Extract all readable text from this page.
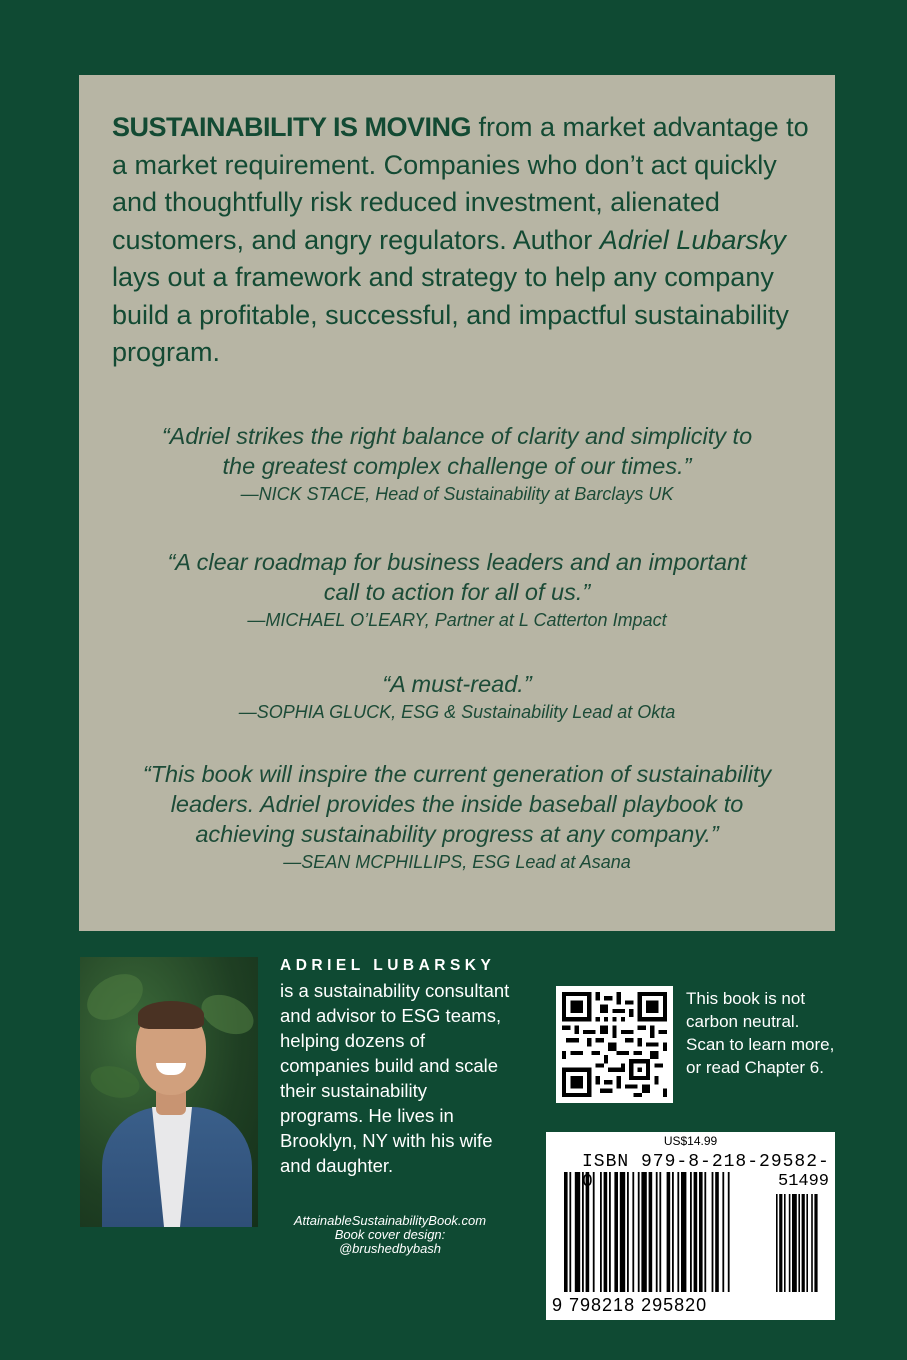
SUSTAINABILITY IS MOVING from a market advantage to a market requirement. Companies who don’t act quickly and thoughtfully risk reduced investment, alienated customers, and angry regulators. Author Adriel Lubarsky lays out a framework and strategy to help any company build a profitable, successful, and impactful sustainability program.
“Adriel strikes the right balance of clarity and simplicity to
the greatest complex challenge of our times.”
—NICK STACE, Head of Sustainability at Barclays UK
“A clear roadmap for business leaders and an important
call to action for all of us.”
—MICHAEL O’LEARY, Partner at L Catterton Impact
“A must-read.”
—SOPHIA GLUCK, ESG & Sustainability Lead at Okta
“This book will inspire the current generation of sustainability
leaders. Adriel provides the inside baseball playbook to
achieving sustainability progress at any company.”
—SEAN MCPHILLIPS, ESG Lead at Asana
ADRIEL LUBARSKY
is a sustainability consultant and advisor to ESG teams, helping dozens of companies build and scale their sustainability programs. He lives in Brooklyn, NY with his wife and daughter.
AttainableSustainabilityBook.com
Book cover design:
@brushedbybash
This book is not carbon neutral. Scan to learn more, or read Chapter 6.
US$14.99
ISBN 979-8-218-29582-
51499
9 798218 295820
